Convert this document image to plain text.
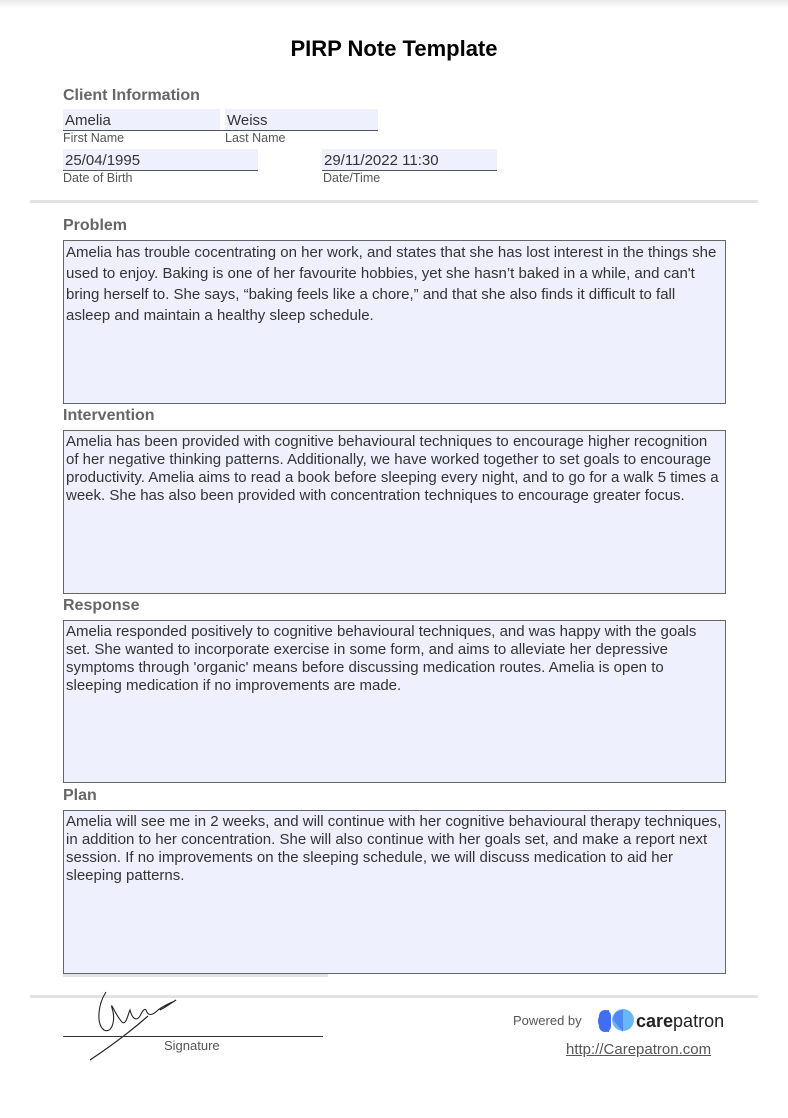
PIRP Note Template
Client Information
Amelia	Weiss
First Name	Last Name
25/04/1995	29/11/2022 11:30
Date of Birth	Date/Time
Problem
Amelia has trouble cocentrating on her work, and states that she has lost interest in the things she used to enjoy. Baking is one of her favourite hobbies, yet she hasn’t baked in a while, and can't bring herself to. She says, “baking feels like a chore,” and that she also finds it difficult to fall asleep and maintain a healthy sleep schedule.
Intervention
Amelia has been provided with cognitive behavioural techniques to encourage higher recognition of her negative thinking patterns. Additionally, we have worked together to set goals to encourage productivity. Amelia aims to read a book before sleeping every night, and to go for a walk 5 times a week. She has also been provided with concentration techniques to encourage greater focus.
Response
Amelia responded positively to cognitive behavioural techniques, and was happy with the goals set. She wanted to incorporate exercise in some form, and aims to alleviate her depressive symptoms through 'organic' means before discussing medication routes. Amelia is open to sleeping medication if no improvements are made.
Plan
Amelia will see me in 2 weeks, and will continue with her cognitive behavioural therapy techniques, in addition to her concentration. She will also continue with her goals set, and make a report next session. If no improvements on the sleeping schedule, we will discuss medication to aid her sleeping patterns.
Signature
Powered by	carepatron
http://Carepatron.com
